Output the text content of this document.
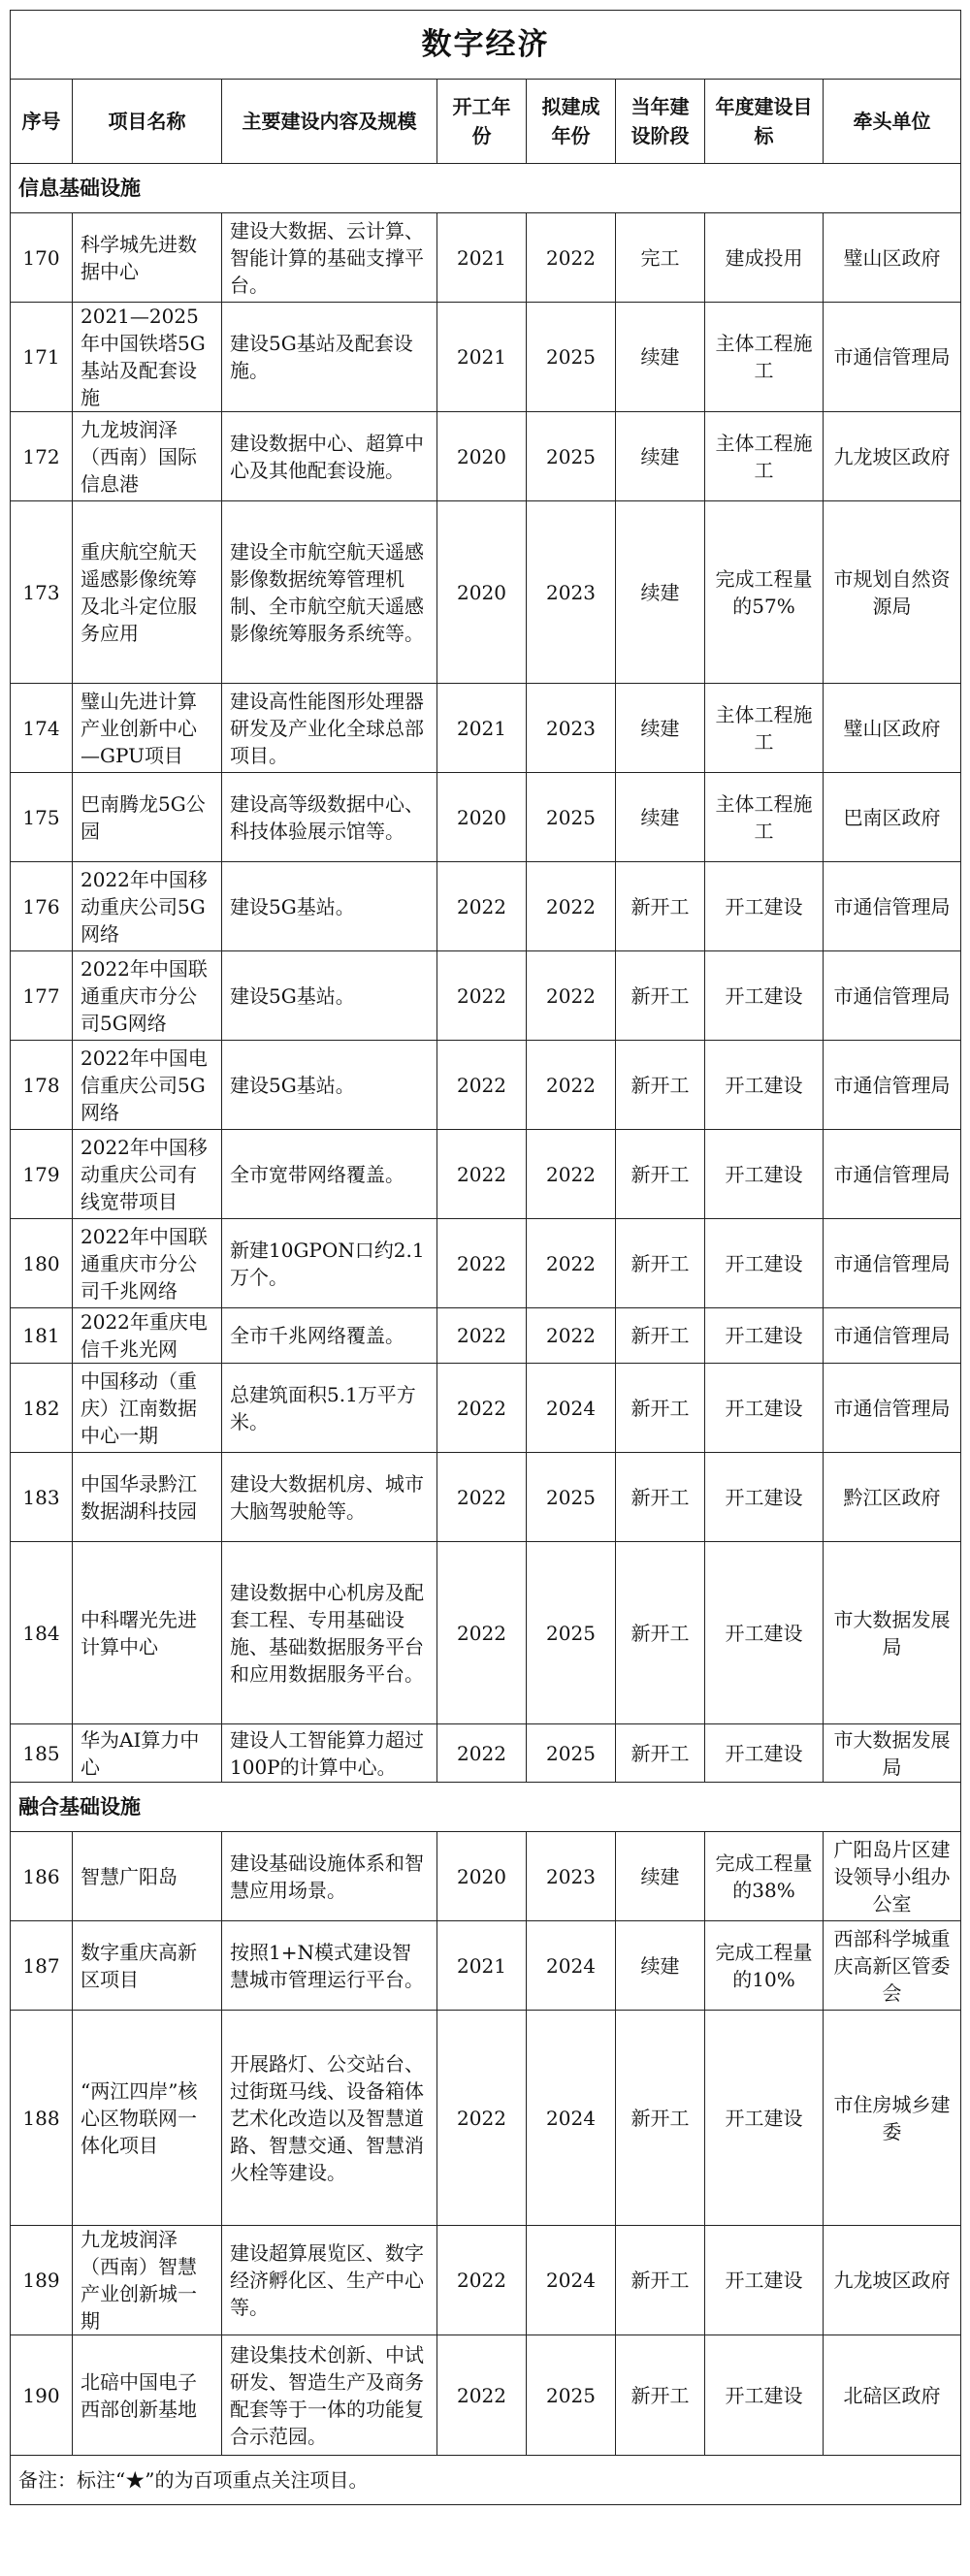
数字经济							
序号	项目名称	主要建设内容及规模	开工年份	拟建成年份	当年建设阶段	年度建设目标	牵头单位
信息基础设施							
170	科学城先进数据中心	建设大数据、云计算、智能计算的基础支撑平台。	2021	2022	完工	建成投用	璧山区政府
171	2021—2025年中国铁塔5G基站及配套设施	建设5G基站及配套设施。	2021	2025	续建	主体工程施工	市通信管理局
172	九龙坡润泽（西南）国际信息港	建设数据中心、超算中心及其他配套设施。	2020	2025	续建	主体工程施工	九龙坡区政府
173	重庆航空航天遥感影像统筹及北斗定位服务应用	建设全市航空航天遥感影像数据统筹管理机制、全市航空航天遥感影像统筹服务系统等。	2020	2023	续建	完成工程量的57%	市规划自然资源局
174	璧山先进计算产业创新中心—GPU项目	建设高性能图形处理器研发及产业化全球总部项目。	2021	2023	续建	主体工程施工	璧山区政府
175	巴南腾龙5G公园	建设高等级数据中心、科技体验展示馆等。	2020	2025	续建	主体工程施工	巴南区政府
176	2022年中国移动重庆公司5G网络	建设5G基站。	2022	2022	新开工	开工建设	市通信管理局
177	2022年中国联通重庆市分公司5G网络	建设5G基站。	2022	2022	新开工	开工建设	市通信管理局
178	2022年中国电信重庆公司5G网络	建设5G基站。	2022	2022	新开工	开工建设	市通信管理局
179	2022年中国移动重庆公司有线宽带项目	全市宽带网络覆盖。	2022	2022	新开工	开工建设	市通信管理局
180	2022年中国联通重庆市分公司千兆网络	新建10GPON口约2.1万个。	2022	2022	新开工	开工建设	市通信管理局
181	2022年重庆电信千兆光网	全市千兆网络覆盖。	2022	2022	新开工	开工建设	市通信管理局
182	中国移动（重庆）江南数据中心一期	总建筑面积5.1万平方米。	2022	2024	新开工	开工建设	市通信管理局
183	中国华录黔江数据湖科技园	建设大数据机房、城市大脑驾驶舱等。	2022	2025	新开工	开工建设	黔江区政府
184	中科曙光先进计算中心	建设数据中心机房及配套工程、专用基础设施、基础数据服务平台和应用数据服务平台。	2022	2025	新开工	开工建设	市大数据发展局
185	华为AI算力中心	建设人工智能算力超过100P的计算中心。	2022	2025	新开工	开工建设	市大数据发展局
融合基础设施							
186	智慧广阳岛	建设基础设施体系和智慧应用场景。	2020	2023	续建	完成工程量的38%	广阳岛片区建设领导小组办公室
187	数字重庆高新区项目	按照1+N模式建设智慧城市管理运行平台。	2021	2024	续建	完成工程量的10%	西部科学城重庆高新区管委会
188	“两江四岸”核心区物联网一体化项目	开展路灯、公交站台、过街斑马线、设备箱体艺术化改造以及智慧道路、智慧交通、智慧消火栓等建设。	2022	2024	新开工	开工建设	市住房城乡建委
189	九龙坡润泽（西南）智慧产业创新城一期	建设超算展览区、数字经济孵化区、生产中心等。	2022	2024	新开工	开工建设	九龙坡区政府
190	北碚中国电子西部创新基地	建设集技术创新、中试研发、智造生产及商务配套等于一体的功能复合示范园。	2022	2025	新开工	开工建设	北碚区政府
备注：标注“★”的为百项重点关注项目。							
